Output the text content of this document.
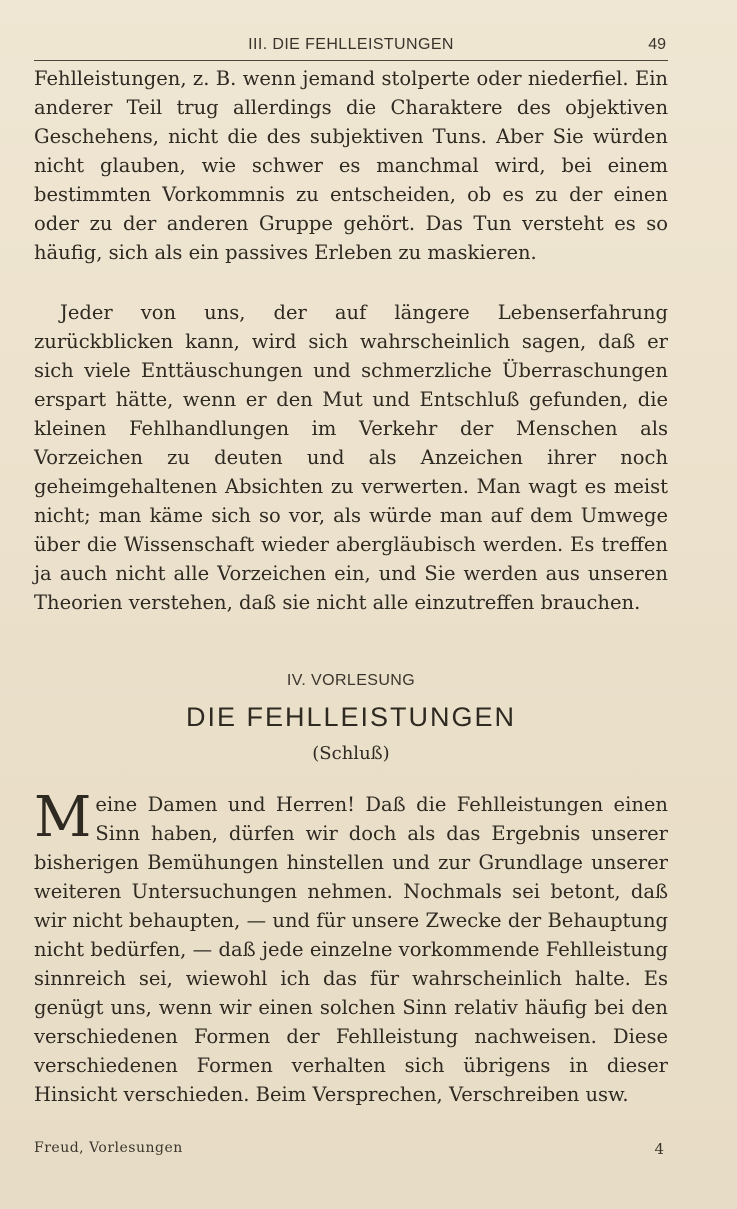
III. DIE FEHLLEISTUNGEN	49
Fehlleistungen, z. B. wenn jemand stolperte oder niederfiel. Ein anderer Teil trug allerdings die Charaktere des objektiven Geschehens, nicht die des subjektiven Tuns. Aber Sie würden nicht glauben, wie schwer es manchmal wird, bei einem bestimmten Vorkommnis zu entscheiden, ob es zu der einen oder zu der anderen Gruppe gehört. Das Tun versteht es so häufig, sich als ein passives Erleben zu maskieren.
Jeder von uns, der auf längere Lebenserfahrung zurückblicken kann, wird sich wahrscheinlich sagen, daß er sich viele Enttäuschungen und schmerzliche Überraschungen erspart hätte, wenn er den Mut und Entschluß gefunden, die kleinen Fehlhandlungen im Verkehr der Menschen als Vorzeichen zu deuten und als Anzeichen ihrer noch geheimgehaltenen Absichten zu verwerten. Man wagt es meist nicht; man käme sich so vor, als würde man auf dem Umwege über die Wissenschaft wieder abergläubisch werden. Es treffen ja auch nicht alle Vorzeichen ein, und Sie werden aus unseren Theorien verstehen, daß sie nicht alle einzutreffen brauchen.
IV. VORLESUNG
DIE FEHLLEISTUNGEN
(Schluß)
Meine Damen und Herren! Daß die Fehlleistungen einen Sinn haben, dürfen wir doch als das Ergebnis unserer bisherigen Bemühungen hinstellen und zur Grundlage unserer weiteren Untersuchungen nehmen. Nochmals sei betont, daß wir nicht behaupten, — und für unsere Zwecke der Behauptung nicht bedürfen, — daß jede einzelne vorkommende Fehlleistung sinnreich sei, wiewohl ich das für wahrscheinlich halte. Es genügt uns, wenn wir einen solchen Sinn relativ häufig bei den verschiedenen Formen der Fehlleistung nachweisen. Diese verschiedenen Formen verhalten sich übrigens in dieser Hinsicht verschieden. Beim Versprechen, Verschreiben usw.
Freud, Vorlesungen	4
